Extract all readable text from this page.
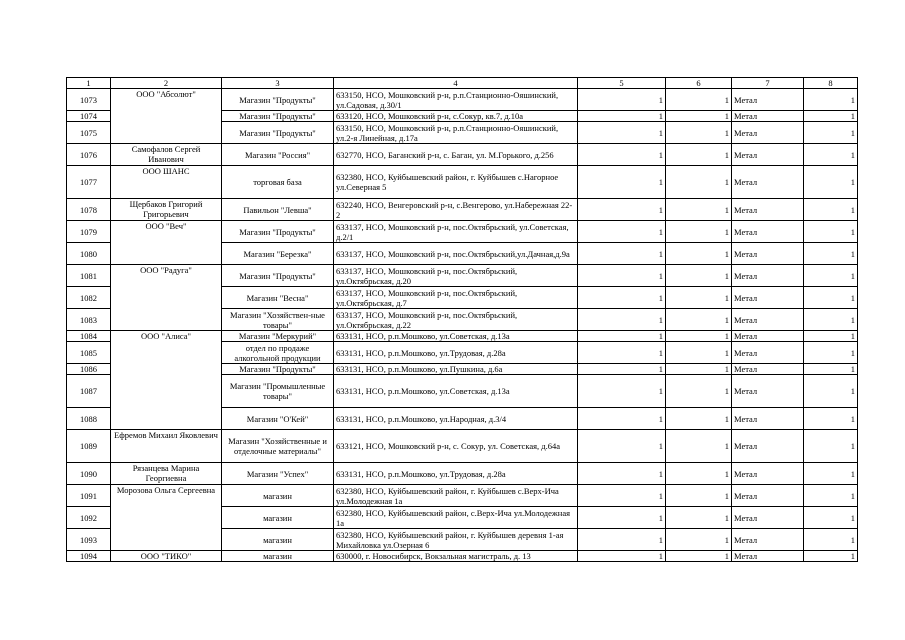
1	2	3	4	5	6	7	8
1073	ООО "Абсолют"	Магазин "Продукты"	633150, НСО, Мошковский р-н, р.п.Станционно-Ояшинский, ул.Садовая, д.30/1	1	1	Метал	1
1074		Магазин "Продукты"	633120, НСО, Мошковский р-н, с.Сокур, кв.7, д.10а	1	1	Метал	1
1075		Магазин "Продукты"	633150, НСО, Мошковский р-н, р.п.Станционно-Ояшинский, ул.2-я Линейная, д.17а	1	1	Метал	1
1076	Самофалов Сергей Иванович	Магазин "Россия"	632770, НСО, Баганский р-н, с. Баган, ул. М.Горького, д.256	1	1	Метал	1
1077	ООО ШАНС	торговая база	632380, НСО, Куйбышевский район, г. Куйбышев с.Нагорное ул.Северная 5	1	1	Метал	1
1078	Щербаков Григорий Григорьевич	Павильон "Левша"	632240, НСО, Венгеровский р-н, с.Венгерово, ул.Набережная 22-2	1	1	Метал	1
1079	ООО "Веч"	Магазин "Продукты"	633137, НСО, Мошковский р-н, пос.Октябрьский, ул.Советская, д.2/1	1	1	Метал	1
1080		Магазин "Березка"	633137, НСО, Мошковский р-н, пос.Октябрьский,ул.Дачная,д.9а	1	1	Метал	1
1081	ООО "Радуга"	Магазин "Продукты"	633137, НСО, Мошковский р-н, пос.Октябрьский, ул.Октябрьская, д.20	1	1	Метал	1
1082		Магазин "Весна"	633137, НСО, Мошковский р-н, пос.Октябрьский, ул.Октябрьская, д.7	1	1	Метал	1
1083		Магазин "Хозяйствен-ные товары"	633137, НСО, Мошковский р-н, пос.Октябрьский, ул.Октябрьская, д.22	1	1	Метал	1
1084	ООО "Алиса"	Магазин "Меркурий"	633131, НСО, р.п.Мошково, ул.Советская, д.13а	1	1	Метал	1
1085		отдел по продаже алкогольной продукции	633131, НСО, р.п.Мошково, ул.Трудовая, д.28а	1	1	Метал	1
1086		Магазин "Продукты"	633131, НСО, р.п.Мошково, ул.Пушкина, д.6а	1	1	Метал	1
1087		Магазин "Промышленные товары"	633131, НСО, р.п.Мошково, ул.Советская, д.13а	1	1	Метал	1
1088		Магазин "О'Кей"	633131, НСО, р.п.Мошково, ул.Народная, д.3/4	1	1	Метал	1
1089	Ефремов Михаил Яковлевич	Магазин "Хозяйственные и отделочные материалы"	633121, НСО, Мошковский р-н, с. Сокур, ул. Советская, д.64а	1	1	Метал	1
1090	Рязанцева Марина Георгиевна	Магазин "Успех"	633131, НСО, р.п.Мошково, ул.Трудовая, д.28а	1	1	Метал	1
1091	Морозова Ольга Сергеевна	магазин	632380, НСО, Куйбышевский район, г. Куйбышев с.Верх-Ича ул.Молодежная 1а	1	1	Метал	1
1092		магазин	632380, НСО, Куйбышевский район, с.Верх-Ича ул.Молодежная 1а	1	1	Метал	1
1093		магазин	632380, НСО, Куйбышевский район, г. Куйбышев деревня 1-ая Михайловка ул.Озерная 6	1	1	Метал	1
1094	ООО "ТИКО"	магазин	630000, г. Новосибирск, Вокзальная магистраль, д. 13	1	1	Метал	1
